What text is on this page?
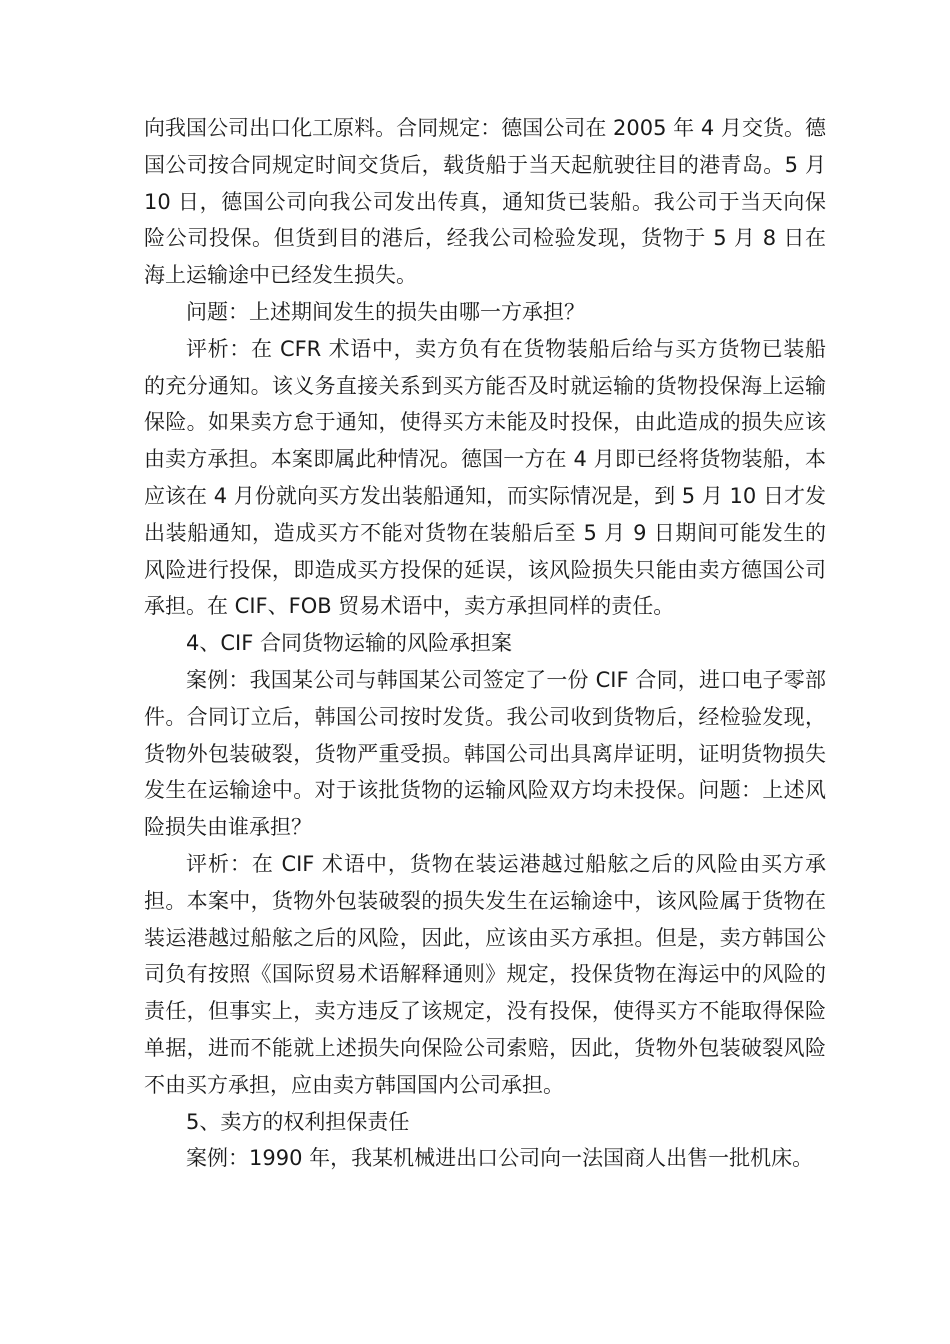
向我国公司出口化工原料。合同规定：德国公司在 2005 年 4 月交货。德国公司按合同规定时间交货后，载货船于当天起航驶往目的港青岛。5 月 10 日，德国公司向我公司发出传真，通知货已装船。我公司于当天向保险公司投保。但货到目的港后，经我公司检验发现，货物于 5 月 8 日在海上运输途中已经发生损失。

问题：上述期间发生的损失由哪一方承担？

评析：在 CFR 术语中，卖方负有在货物装船后给与买方货物已装船的充分通知。该义务直接关系到买方能否及时就运输的货物投保海上运输保险。如果卖方怠于通知，使得买方未能及时投保，由此造成的损失应该由卖方承担。本案即属此种情况。德国一方在 4 月即已经将货物装船，本应该在 4 月份就向买方发出装船通知，而实际情况是，到 5 月 10 日才发出装船通知，造成买方不能对货物在装船后至 5 月 9 日期间可能发生的风险进行投保，即造成买方投保的延误，该风险损失只能由卖方德国公司承担。在 CIF、FOB 贸易术语中，卖方承担同样的责任。

4、CIF 合同货物运输的风险承担案

案例：我国某公司与韩国某公司签定了一份 CIF 合同，进口电子零部件。合同订立后，韩国公司按时发货。我公司收到货物后，经检验发现，货物外包装破裂，货物严重受损。韩国公司出具离岸证明，证明货物损失发生在运输途中。对于该批货物的运输风险双方均未投保。问题：上述风险损失由谁承担？

评析：在 CIF 术语中，货物在装运港越过船舷之后的风险由买方承担。本案中，货物外包装破裂的损失发生在运输途中，该风险属于货物在装运港越过船舷之后的风险，因此，应该由买方承担。但是，卖方韩国公司负有按照《国际贸易术语解释通则》规定，投保货物在海运中的风险的责任，但事实上，卖方违反了该规定，没有投保，使得买方不能取得保险单据，进而不能就上述损失向保险公司索赔，因此，货物外包装破裂风险不由买方承担，应由卖方韩国国内公司承担。

5、卖方的权利担保责任

案例：1990 年，我某机械进出口公司向一法国商人出售一批机床。
